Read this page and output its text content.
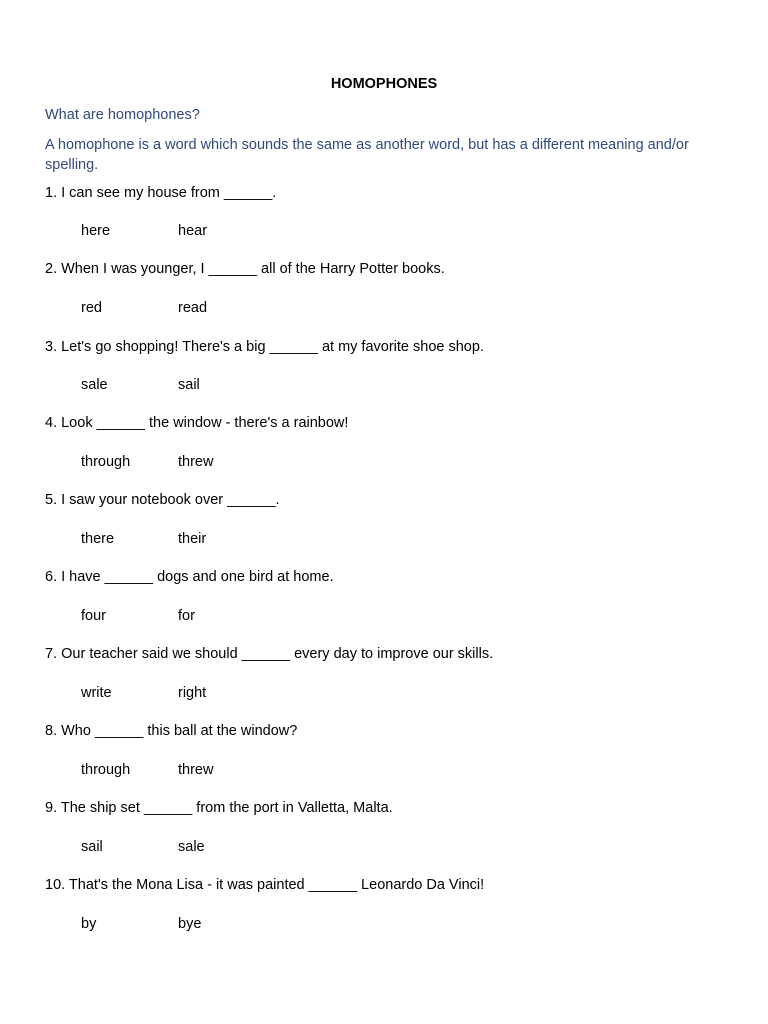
HOMOPHONES
What are homophones?
A homophone is a word which sounds the same as another word, but has a different meaning and/or spelling.
1. I can see my house from ______.
here	hear
2. When I was younger, I ______ all of the Harry Potter books.
red	read
3. Let's go shopping! There's a big ______ at my favorite shoe shop.
sale	sail
4. Look ______ the window - there's a rainbow!
through	threw
5. I saw your notebook over ______.
there	their
6. I have ______ dogs and one bird at home.
four	for
7. Our teacher said we should ______ every day to improve our skills.
write	right
8. Who ______ this ball at the window?
through	threw
9. The ship set ______ from the port in Valletta, Malta.
sail	sale
10. That's the Mona Lisa - it was painted ______ Leonardo Da Vinci!
by	bye
